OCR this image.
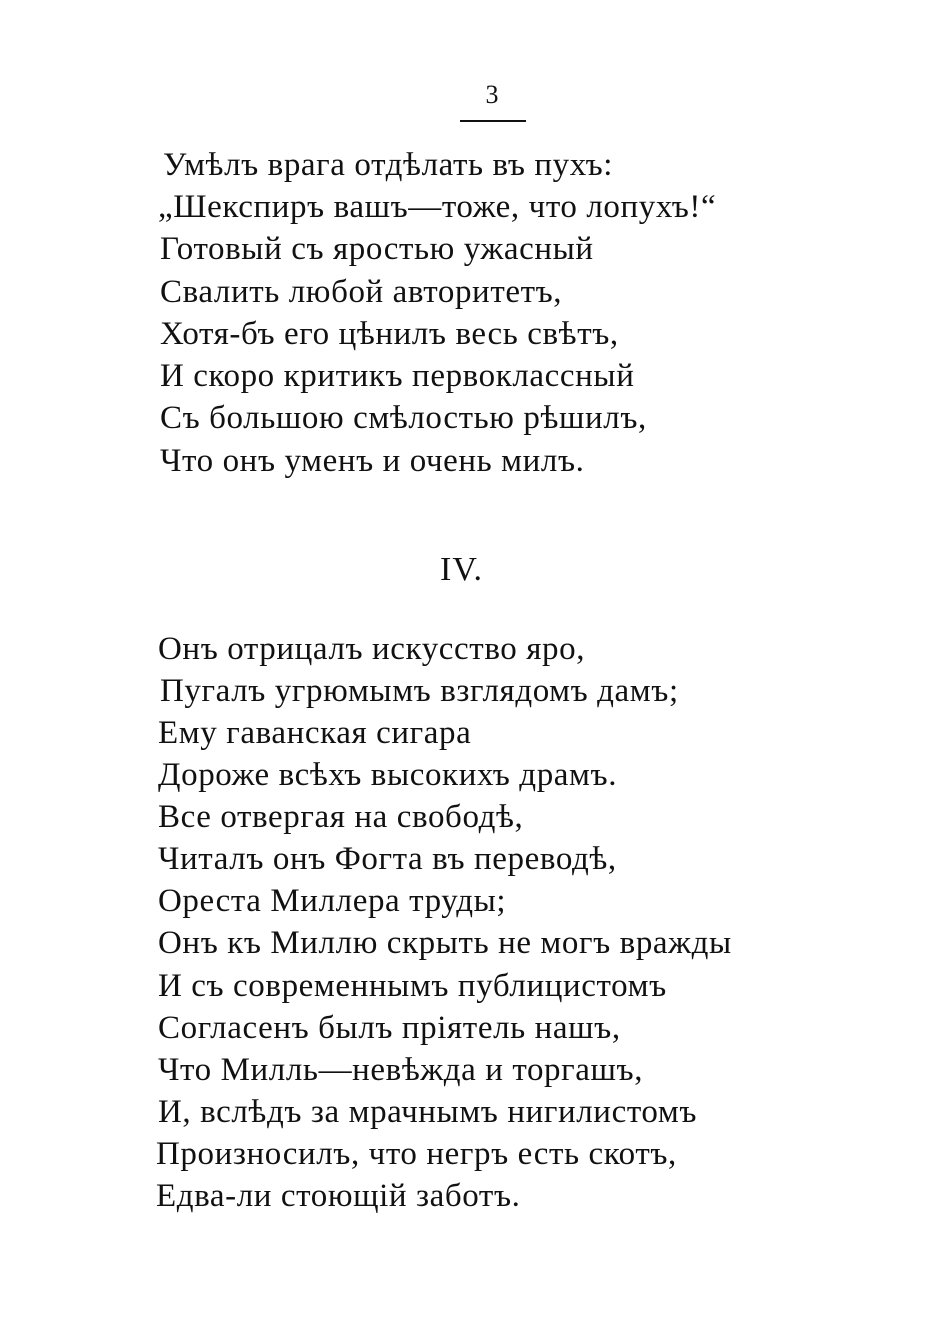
3
Умѣлъ врага отдѣлать въ пухъ:
„Шекспиръ вашъ—тоже, что лопухъ!“
Готовый съ яростью ужасный
Свалить любой авторитетъ,
Хотя-бъ его цѣнилъ весь свѣтъ,
И скоро критикъ первоклассный
Съ большою смѣлостью рѣшилъ,
Что онъ уменъ и очень милъ.
IV.
Онъ отрицалъ искусство яро,
Пугалъ угрюмымъ взглядомъ дамъ;
Ему гаванская сигара
Дороже всѣхъ высокихъ драмъ.
Все отвергая на свободѣ,
Читалъ онъ Фогта въ переводѣ,
Ореста Миллера труды;
Онъ къ Миллю скрыть не могъ вражды
И съ современнымъ публицистомъ
Согласенъ былъ пріятель нашъ,
Что Милль—невѣжда и торгашъ,
И, вслѣдъ за мрачнымъ нигилистомъ
Произносилъ, что негръ есть скотъ,
Едва-ли стоющій заботъ.
